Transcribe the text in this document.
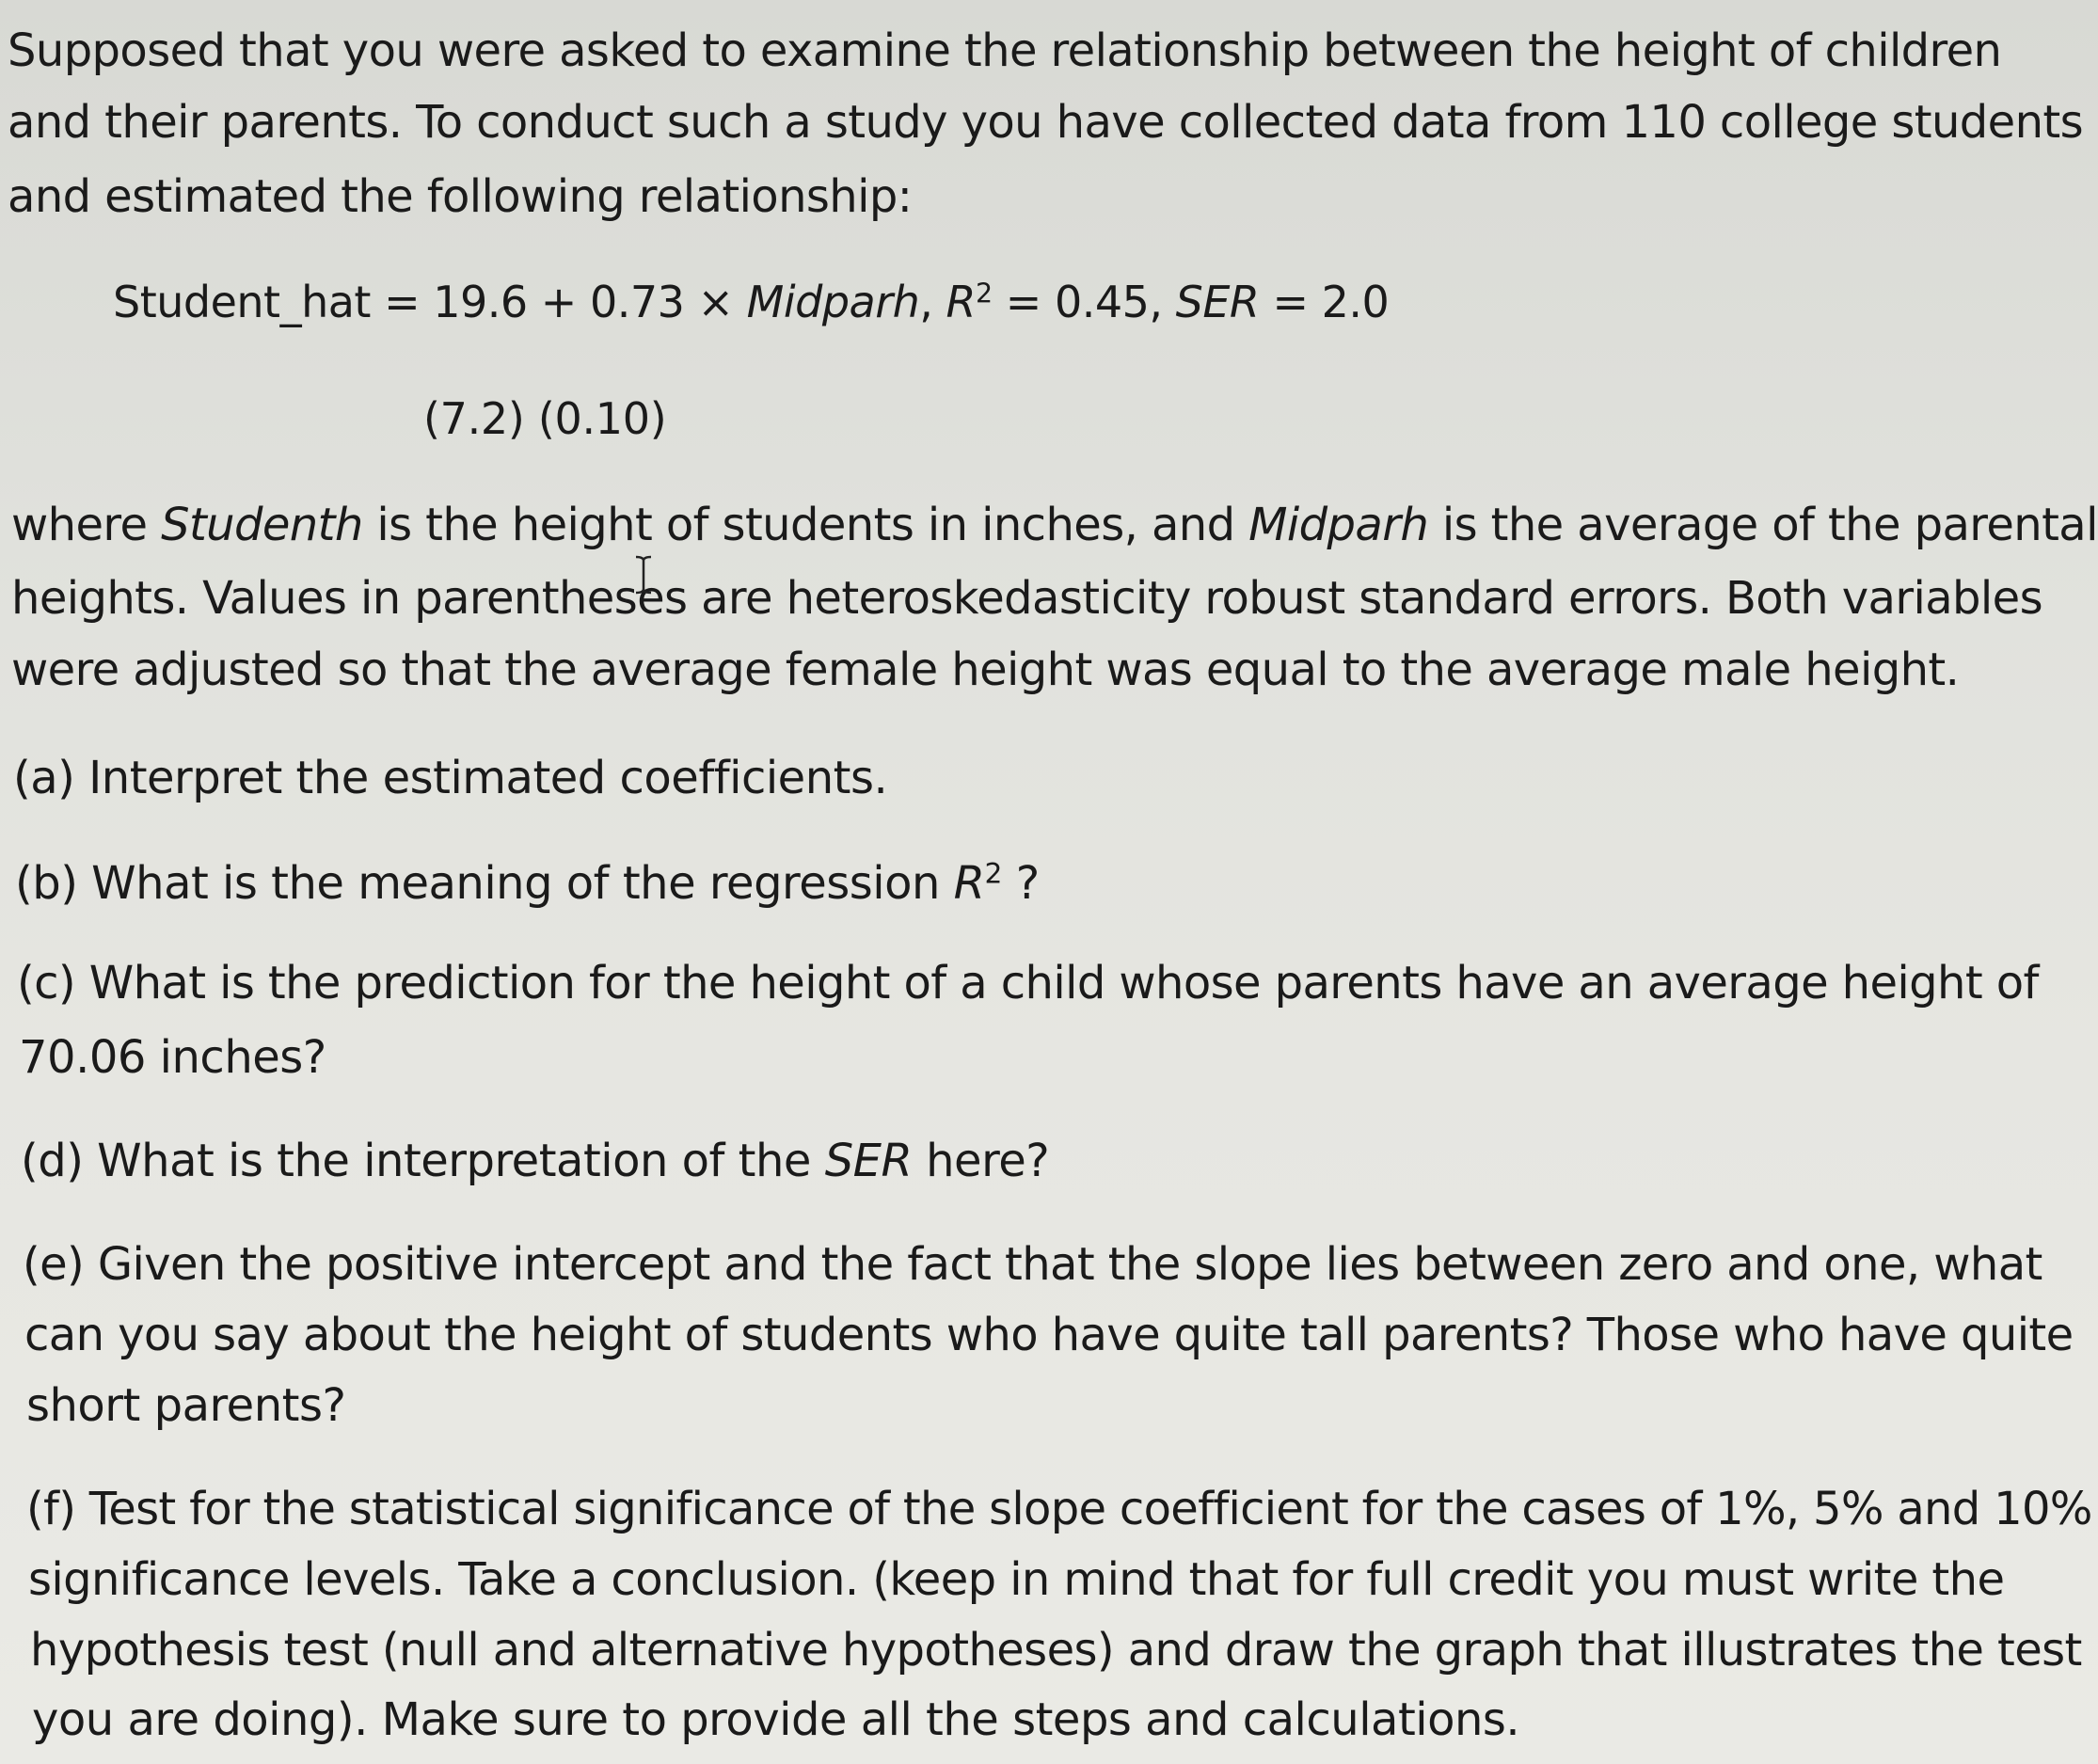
Supposed that you were asked to examine the relationship between the height of children
and their parents. To conduct such a study you have collected data from 110 college students
and estimated the following relationship:
Student_hat = 19.6 + 0.73 × Midparh, $R^2 = 0.45$, SER = 2.0
(7.2) (0.10)
where Studenth is the height of students in inches, and Midparh is the average of the parental
heights. Values in parentheses are heteroskedasticity robust standard errors. Both variables
were adjusted so that the average female height was equal to the average male height.
(a) Interpret the estimated coefficients.
(b) What is the meaning of the regression $R^2$ ?
(c) What is the prediction for the height of a child whose parents have an average height of
70.06 inches?
(d) What is the interpretation of the SER here?
(e) Given the positive intercept and the fact that the slope lies between zero and one, what
can you say about the height of students who have quite tall parents? Those who have quite
short parents?
(f) Test for the statistical significance of the slope coefficient for the cases of 1%, 5% and 10%
significance levels. Take a conclusion. (keep in mind that for full credit you must write the
hypothesis test (null and alternative hypotheses) and draw the graph that illustrates the test
you are doing). Make sure to provide all the steps and calculations.
